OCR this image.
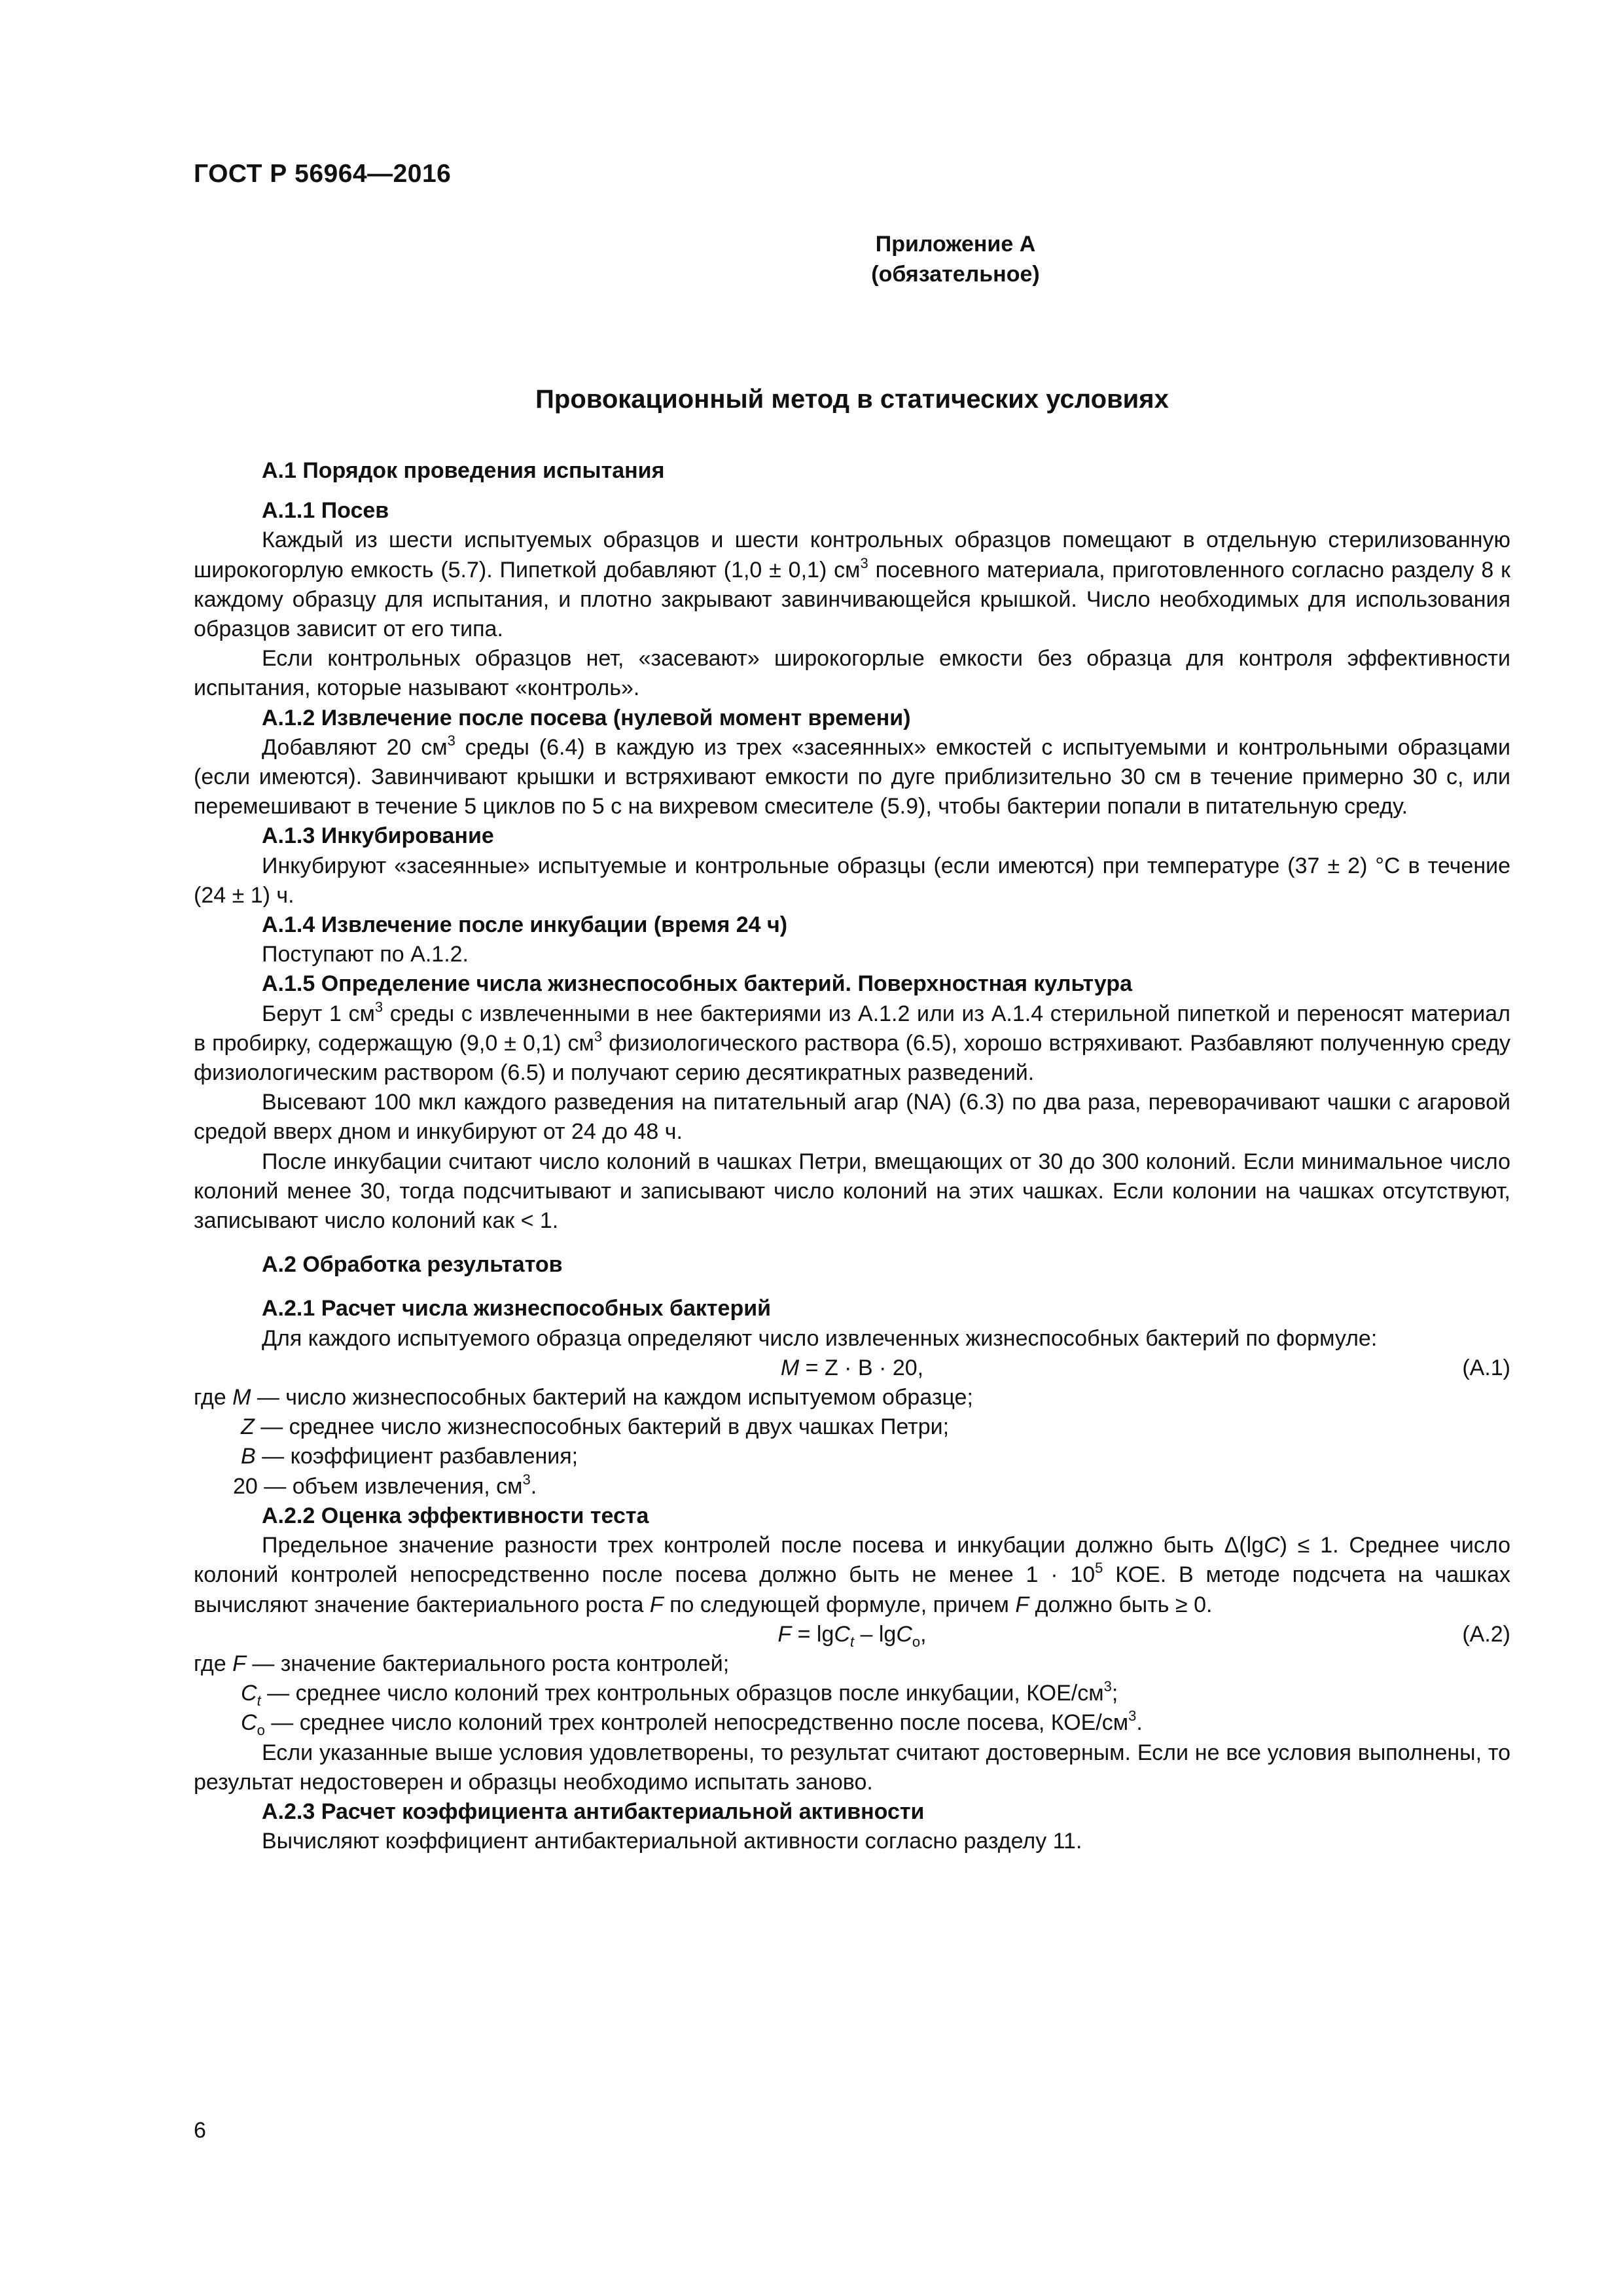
ГОСТ Р 56964—2016
Приложение А
(обязательное)
Провокационный метод в статических условиях

А.1 Порядок проведения испытания

А.1.1 Посев

Каждый из шести испытуемых образцов и шести контрольных образцов помещают в отдельную стерилизованную широкогорлую емкость (5.7). Пипеткой добавляют (1,0 ± 0,1) $см^3$ посевного материала, приготовленного согласно разделу 8 к каждому образцу для испытания, и плотно закрывают завинчивающейся крышкой. Число необходимых для использования образцов зависит от его типа.

Если контрольных образцов нет, «засевают» широкогорлые емкости без образца для контроля эффективности испытания, которые называют «контроль».

А.1.2 Извлечение после посева (нулевой момент времени)

Добавляют 20 $см^3$ среды (6.4) в каждую из трех «засеянных» емкостей с испытуемыми и контрольными образцами (если имеются). Завинчивают крышки и встряхивают емкости по дуге приблизительно 30 см в течение примерно 30 с, или перемешивают в течение 5 циклов по 5 с на вихревом смесителе (5.9), чтобы бактерии попали в питательную среду.

А.1.3 Инкубирование

Инкубируют «засеянные» испытуемые и контрольные образцы (если имеются) при температуре (37 ± 2) °С в течение (24 ± 1) ч.

А.1.4 Извлечение после инкубации (время 24 ч)

Поступают по А.1.2.

А.1.5 Определение числа жизнеспособных бактерий. Поверхностная культура

Берут 1 $см^3$ среды с извлеченными в нее бактериями из А.1.2 или из А.1.4 стерильной пипеткой и переносят материал в пробирку, содержащую (9,0 ± 0,1) $см^3$ физиологического раствора (6.5), хорошо встряхивают. Разбавляют полученную среду физиологическим раствором (6.5) и получают серию десятикратных разведений.

Высевают 100 мкл каждого разведения на питательный агар (NA) (6.3) по два раза, переворачивают чашки с агаровой средой вверх дном и инкубируют от 24 до 48 ч.

После инкубации считают число колоний в чашках Петри, вмещающих от 30 до 300 колоний. Если минимальное число колоний менее 30, тогда подсчитывают и записывают число колоний на этих чашках. Если колонии на чашках отсутствуют, записывают число колоний как < 1.

А.2 Обработка результатов

А.2.1 Расчет числа жизнеспособных бактерий

Для каждого испытуемого образца определяют число извлеченных жизнеспособных бактерий по формуле:

M = Z · B · 20,	(А.1)

где M — число жизнеспособных бактерий на каждом испытуемом образце;

Z — среднее число жизнеспособных бактерий в двух чашках Петри;

B — коэффициент разбавления;

20 — объем извлечения, $см^3$.

А.2.2 Оценка эффективности теста

Предельное значение разности трех контролей после посева и инкубации должно быть Δ(lgC) ≤ 1. Среднее число колоний контролей непосредственно после посева должно быть не менее $1 \cdot 10^5$ КОЕ. В методе подсчета на чашках вычисляют значение бактериального роста F по следующей формуле, причем F должно быть ≥ 0.

F = lgC$_t$ – lgC$_o$,	(А.2)

где F — значение бактериального роста контролей;

$C_t$ — среднее число колоний трех контрольных образцов после инкубации, КОЕ/$см^3$;

$C_o$ — среднее число колоний трех контролей непосредственно после посева, КОЕ/$см^3$.

Если указанные выше условия удовлетворены, то результат считают достоверным. Если не все условия выполнены, то результат недостоверен и образцы необходимо испытать заново.

А.2.3 Расчет коэффициента антибактериальной активности

Вычисляют коэффициент антибактериальной активности согласно разделу 11.

6
